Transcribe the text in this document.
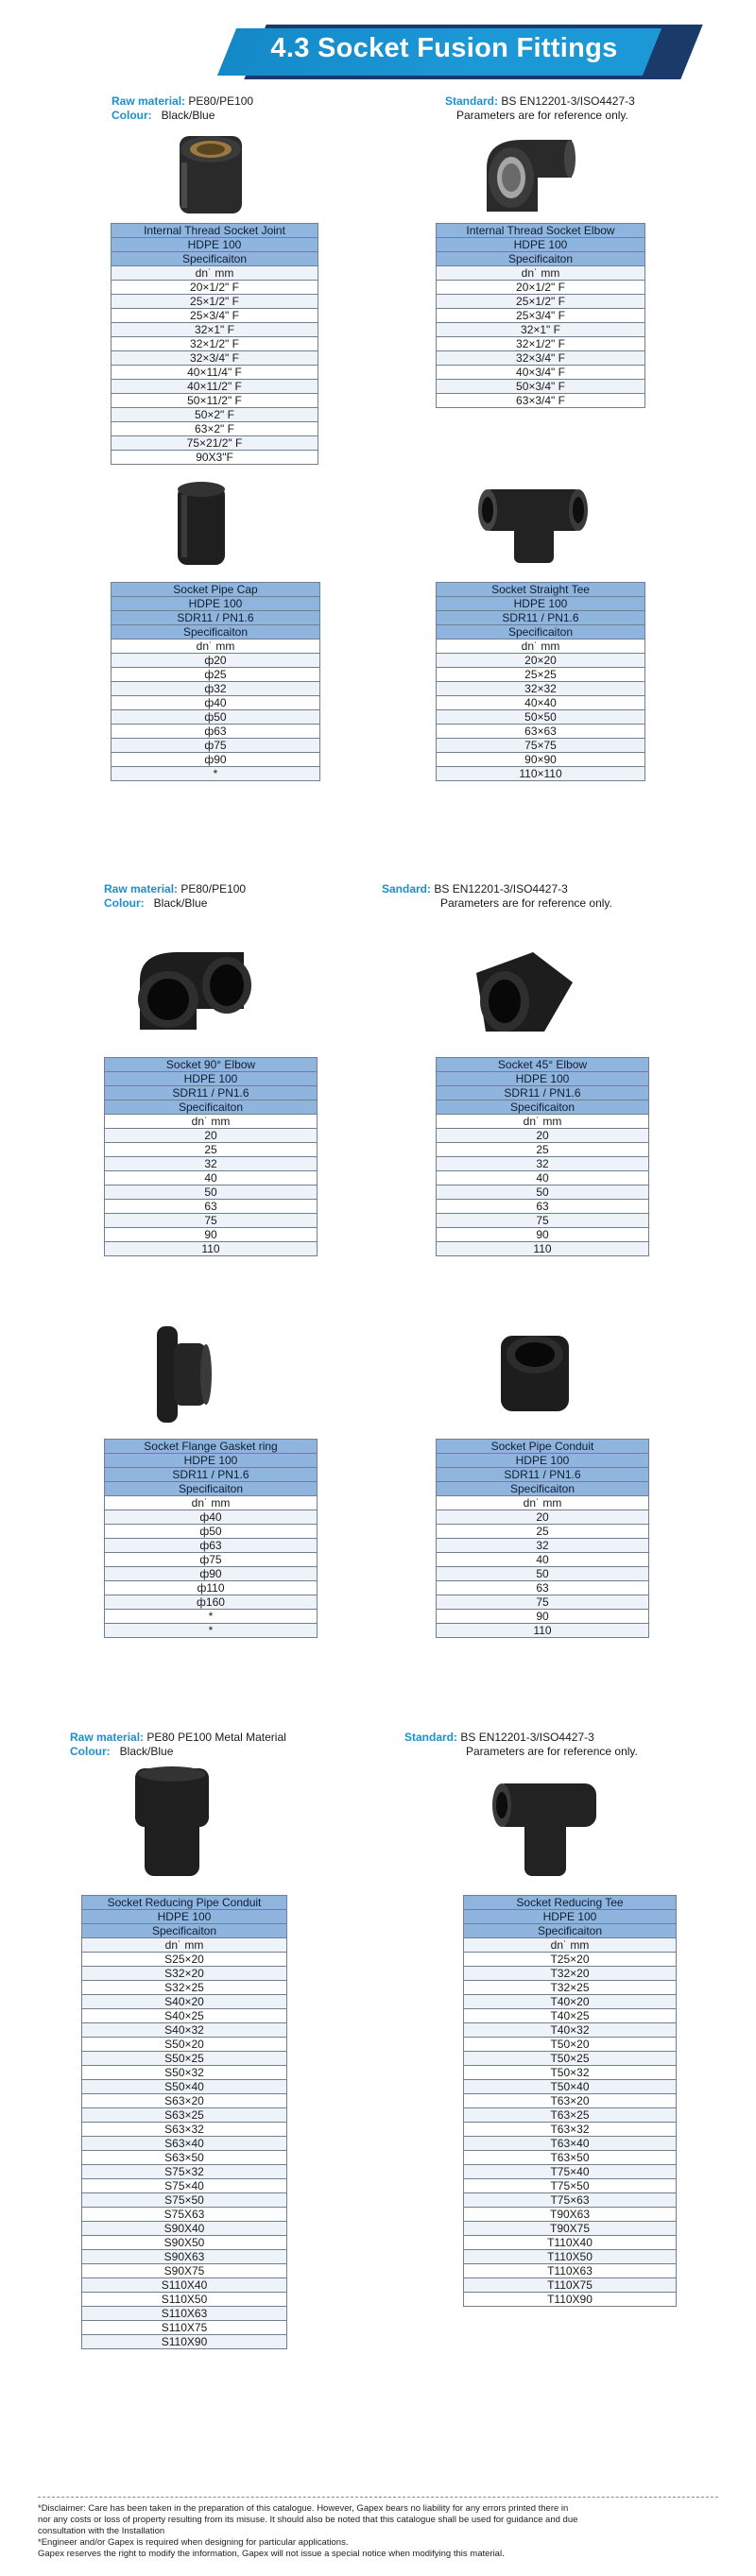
4.3 Socket Fusion Fittings
Raw material: PE80/PE100
Colour: Black/Blue
Standard: BS EN12201-3/ISO4427-3
Parameters are for reference only.
Raw material: PE80/PE100
Colour: Black/Blue
Sandard: BS EN12201-3/ISO4427-3
Parameters are for reference only.
Raw material: PE80 PE100 Metal Material
Colour: Black/Blue
Standard: BS EN12201-3/ISO4427-3
Parameters are for reference only.
Internal Thread Socket Joint
HDPE 100
Specificaiton
dn˙ mm
20×1/2" F
25×1/2" F
25×3/4" F
32×1" F
32×1/2" F
32×3/4" F
40×11/4" F
40×11/2" F
50×11/2" F
50×2" F
63×2" F
75×21/2" F
90X3"F
Internal Thread Socket Elbow
HDPE 100
Specificaiton
dn˙ mm
20×1/2" F
25×1/2" F
25×3/4" F
32×1" F
32×1/2" F
32×3/4" F
40×3/4" F
50×3/4" F
63×3/4" F
Socket Pipe Cap
HDPE 100
SDR11 / PN1.6
Specificaiton
dn˙ mm
ф20
ф25
ф32
ф40
ф50
ф63
ф75
ф90
*
Socket Straight Tee
HDPE 100
SDR11 / PN1.6
Specificaiton
dn˙ mm
20×20
25×25
32×32
40×40
50×50
63×63
75×75
90×90
110×110
Socket 90° Elbow
HDPE 100
SDR11 / PN1.6
Specificaiton
dn˙ mm
20
25
32
40
50
63
75
90
110
Socket 45° Elbow
HDPE 100
SDR11 / PN1.6
Specificaiton
dn˙ mm
20
25
32
40
50
63
75
90
110
Socket Flange Gasket ring
HDPE 100
SDR11 / PN1.6
Specificaiton
dn˙ mm
ф40
ф50
ф63
ф75
ф90
ф110
ф160
*
*
Socket Pipe Conduit
HDPE 100
SDR11 / PN1.6
Specificaiton
dn˙ mm
20
25
32
40
50
63
75
90
110
Socket Reducing Pipe Conduit
HDPE 100
Specificaiton
dn˙ mm
S25×20
S32×20
S32×25
S40×20
S40×25
S40×32
S50×20
S50×25
S50×32
S50×40
S63×20
S63×25
S63×32
S63×40
S63×50
S75×32
S75×40
S75×50
S75X63
S90X40
S90X50
S90X63
S90X75
S110X40
S110X50
S110X63
S110X75
S110X90
Socket Reducing Tee
HDPE 100
Specificaiton
dn˙ mm
T25×20
T32×20
T32×25
T40×20
T40×25
T40×32
T50×20
T50×25
T50×32
T50×40
T63×20
T63×25
T63×32
T63×40
T63×50
T75×40
T75×50
T75×63
T90X63
T90X75
T110X40
T110X50
T110X63
T110X75
T110X90
*Disclaimer: Care has been taken in the preparation of this catalogue. However, Gapex bears no liability for any errors printed there in
nor any costs or loss of property resulting from its misuse. It should also be noted that this catalogue shall be used for guidance and due
consultation with the Installation
*Engineer and/or Gapex is required when designing for particular applications.
Gapex reserves the right to modify the information, Gapex will not issue a special notice when modifying this material.
